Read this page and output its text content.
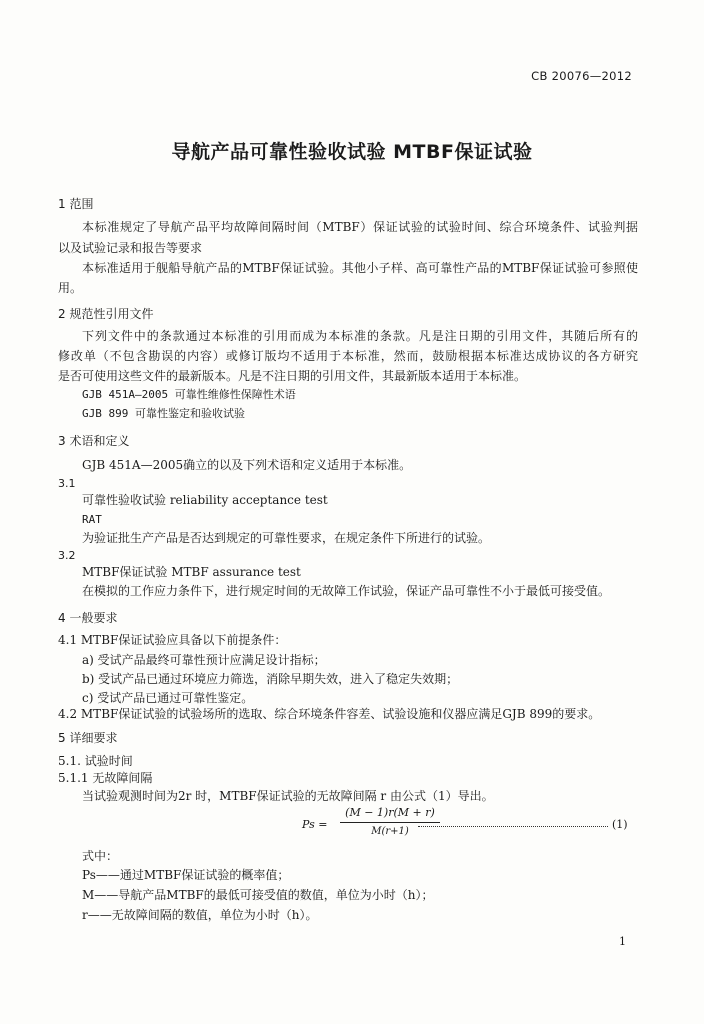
CB 20076—2012
导航产品可靠性验收试验 MTBF保证试验
1 范围
本标准规定了导航产品平均故障间隔时间（MTBF）保证试验的试验时间、综合环境条件、试验判据
以及试验记录和报告等要求
本标准适用于舰船导航产品的MTBF保证试验。其他小子样、高可靠性产品的MTBF保证试验可参照使
用。
2 规范性引用文件
下列文件中的条款通过本标准的引用而成为本标准的条款。凡是注日期的引用文件，其随后所有的
修改单（不包含勘误的内容）或修订版均不适用于本标准，然而，鼓励根据本标准达成协议的各方研究
是否可使用这些文件的最新版本。凡是不注日期的引用文件，其最新版本适用于本标准。
GJB 451A—2005 可靠性维修性保障性术语
GJB 899 可靠性鉴定和验收试验
3 术语和定义
GJB 451A—2005确立的以及下列术语和定义适用于本标准。
3.1
可靠性验收试验 reliability acceptance test
RAT
为验证批生产产品是否达到规定的可靠性要求，在规定条件下所进行的试验。
3.2
MTBF保证试验 MTBF assurance test
在模拟的工作应力条件下，进行规定时间的无故障工作试验，保证产品可靠性不小于最低可接受值。
4 一般要求
4.1 MTBF保证试验应具备以下前提条件：
a) 受试产品最终可靠性预计应满足设计指标；
b) 受试产品已通过环境应力筛选，消除早期失效，进入了稳定失效期；
c) 受试产品已通过可靠性鉴定。
4.2 MTBF保证试验的试验场所的选取、综合环境条件容差、试验设施和仪器应满足GJB 899的要求。
5 详细要求
5.1. 试验时间
5.1.1 无故障间隔
当试验观测时间为2r 时，MTBF保证试验的无故障间隔 r 由公式（1）导出。
Ps =
(M − 1)r(M + r)
M(r+1)
(1)
式中：
Ps——通过MTBF保证试验的概率值；
M——导航产品MTBF的最低可接受值的数值，单位为小时（h）；
r——无故障间隔的数值，单位为小时（h）。
1
